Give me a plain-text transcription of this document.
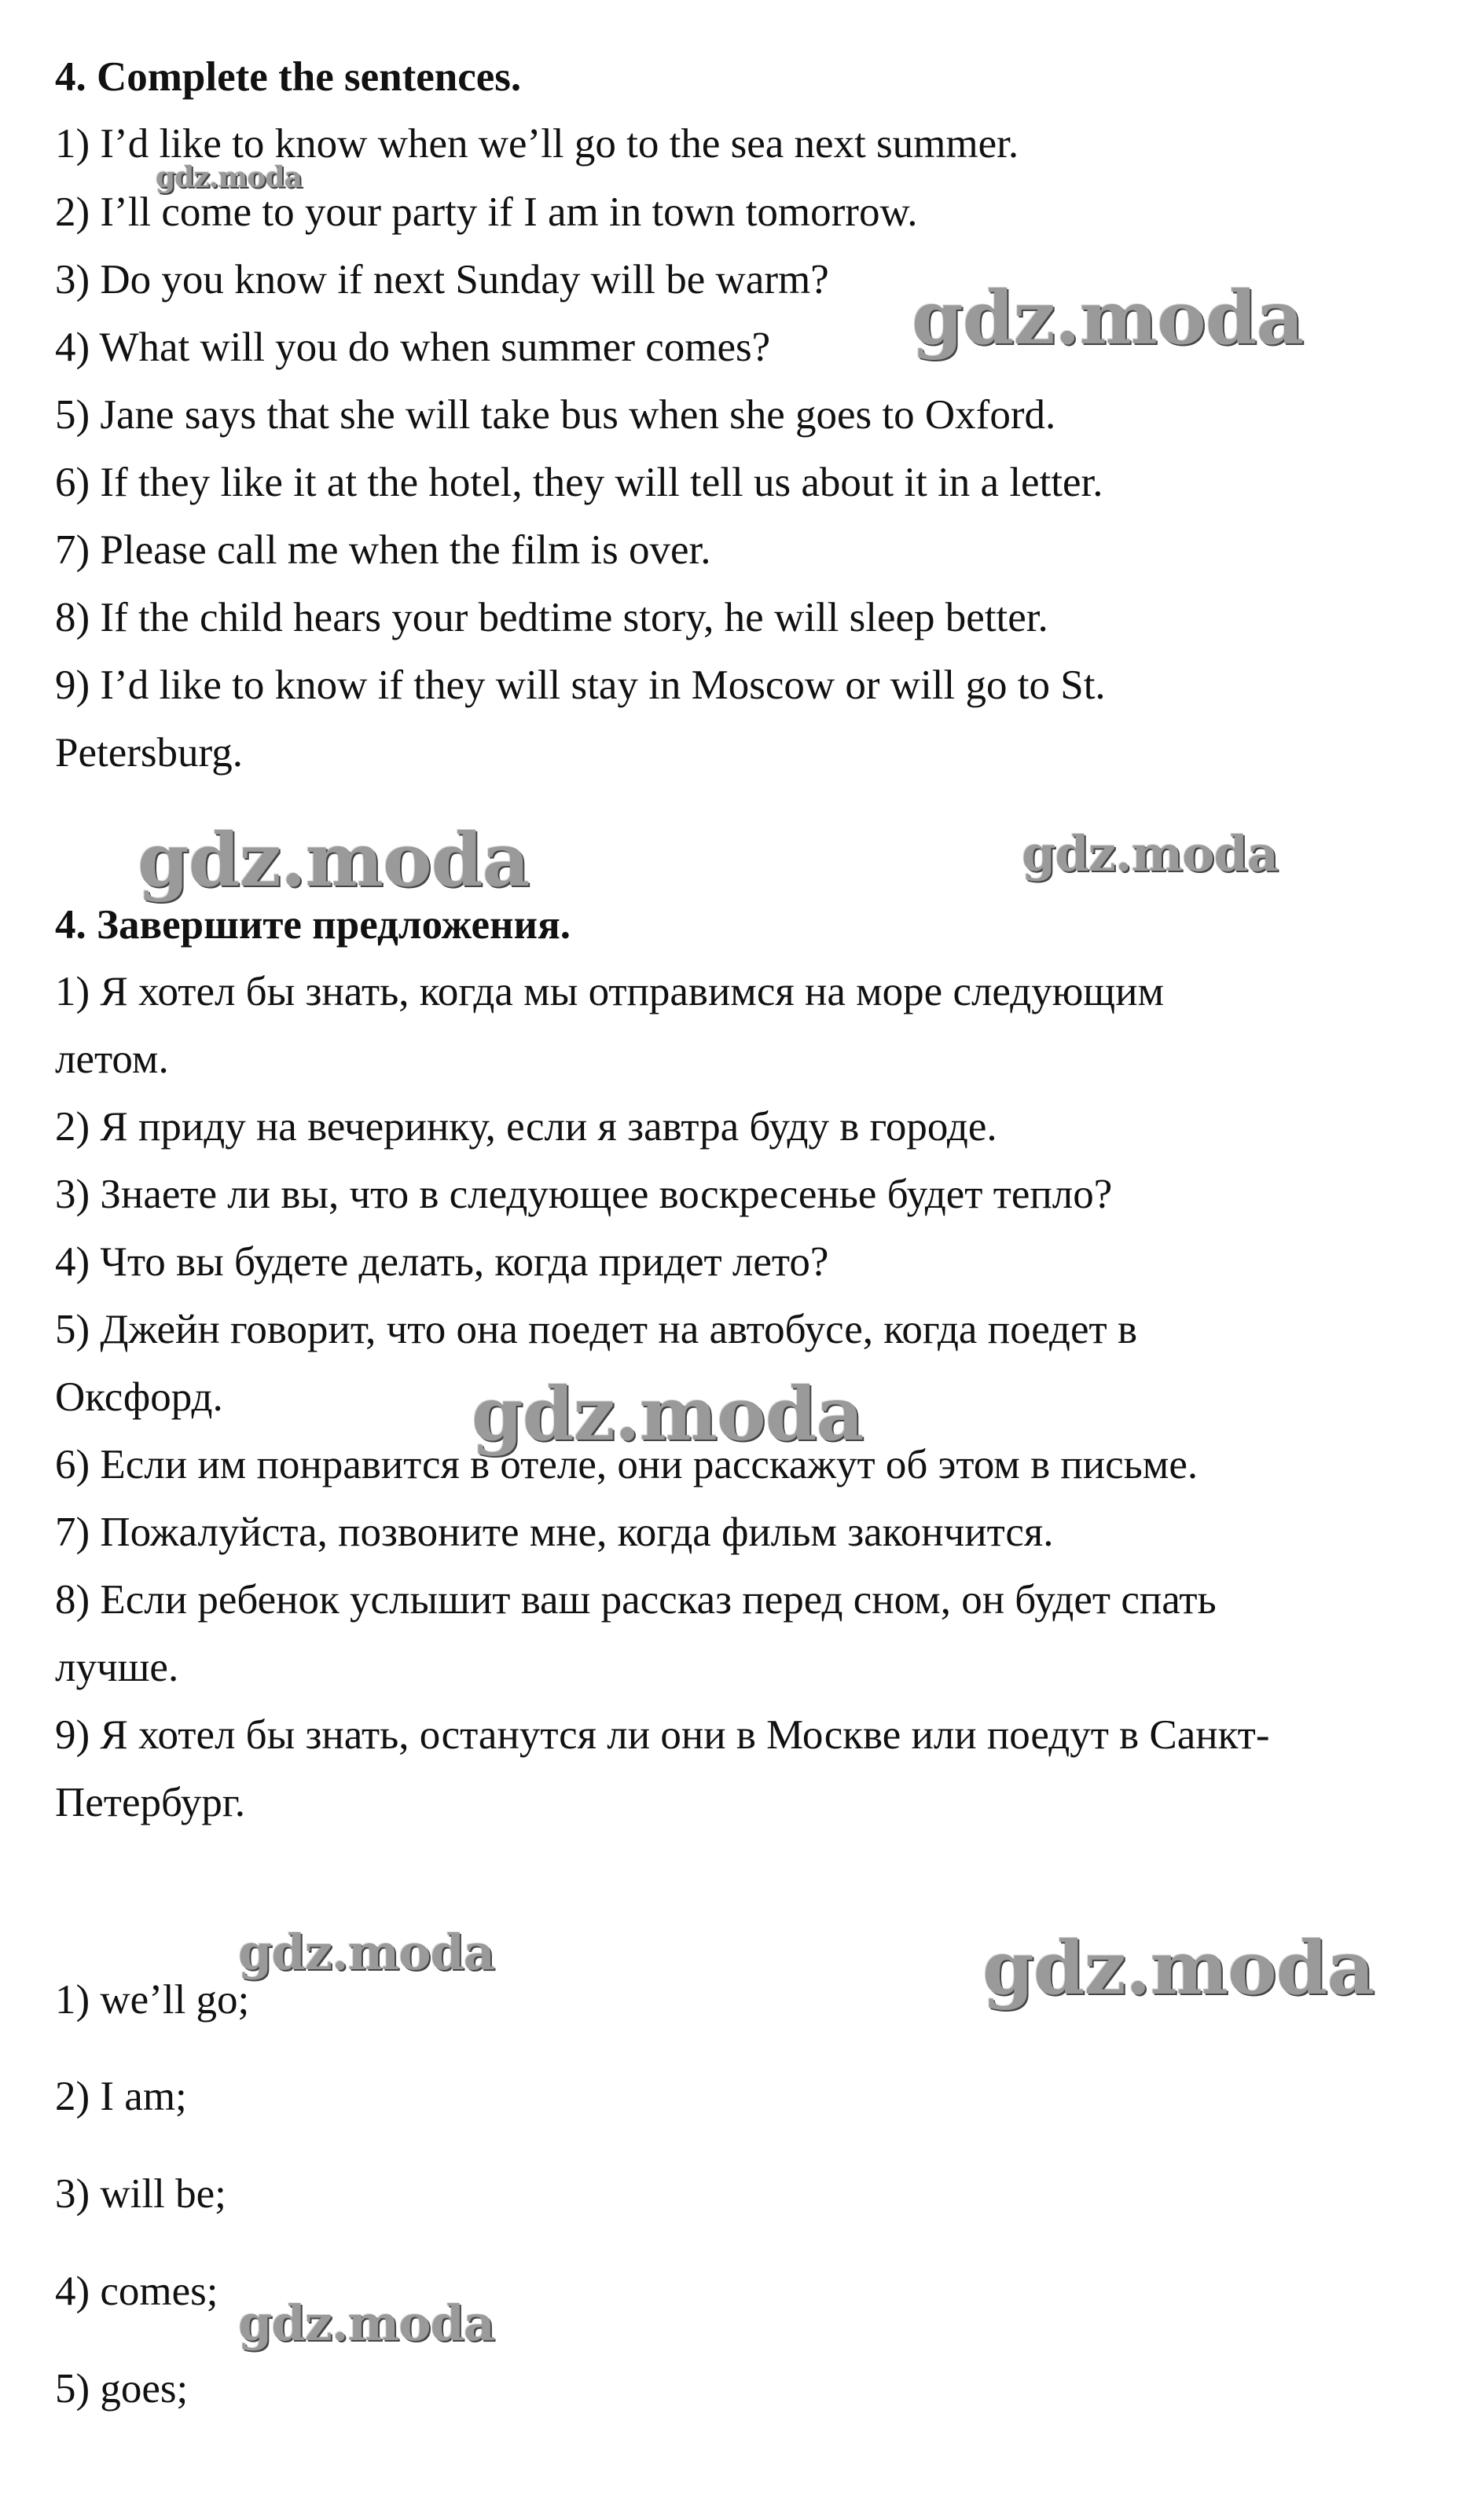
4. Complete the sentences.
1) I’d like to know when we’ll go to the sea next summer.
2) I’ll come to your party if I am in town tomorrow.
3) Do you know if next Sunday will be warm?
4) What will you do when summer comes?
5) Jane says that she will take bus when she goes to Oxford.
6) If they like it at the hotel, they will tell us about it in a letter.
7) Please call me when the film is over.
8) If the child hears your bedtime story, he will sleep better.
9) I’d like to know if they will stay in Moscow or will go to St.
Petersburg.
4. Завершите предложения.
1) Я хотел бы знать, когда мы отправимся на море следующим
летом.
2) Я приду на вечеринку, если я завтра буду в городе.
3) Знаете ли вы, что в следующее воскресенье будет тепло?
4) Что вы будете делать, когда придет лето?
5) Джейн говорит, что она поедет на автобусе, когда поедет в
Оксфорд.
6) Если им понравится в отеле, они расскажут об этом в письме.
7) Пожалуйста, позвоните мне, когда фильм закончится.
8) Если ребенок услышит ваш рассказ перед сном, он будет спать
лучше.
9) Я хотел бы знать, останутся ли они в Москве или поедут в Санкт-
Петербург.
1) we’ll go;
2) I am;
3) will be;
4) comes;
5) goes;
gdz.moda
gdz.moda
gdz.moda	gdz.moda
gdz.moda
gdz.moda	gdz.moda
gdz.moda
